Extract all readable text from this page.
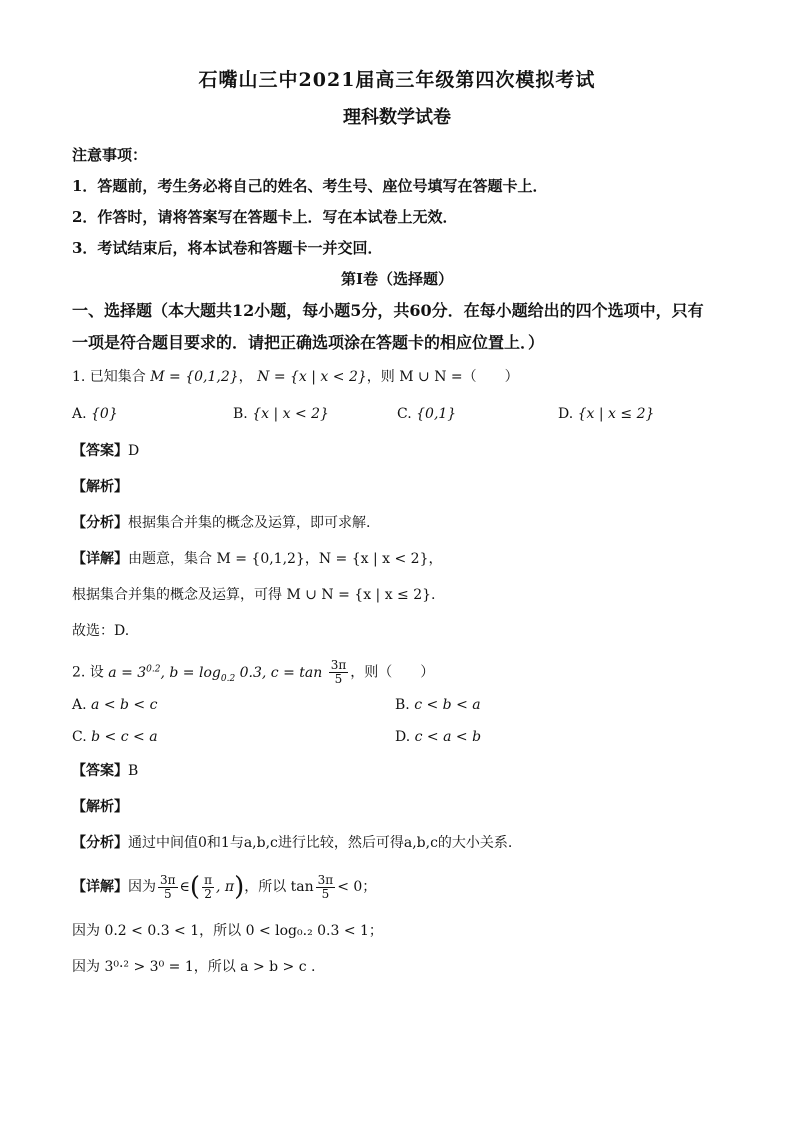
石嘴山三中2021届高三年级第四次模拟考试
理科数学试卷
注意事项：
1．答题前，考生务必将自己的姓名、考生号、座位号填写在答题卡上．
2．作答时，请将答案写在答题卡上．写在本试卷上无效．
3．考试结束后，将本试卷和答题卡一并交回．
第I卷（选择题）
一、选择题（本大题共12小题，每小题5分，共60分．在每小题给出的四个选项中，只有
一项是符合题目要求的．请把正确选项涂在答题卡的相应位置上．）
1. 已知集合 M = {0,1,2}， N = {x | x < 2}，则 M ∪ N =（　　）
A. {0}	B. {x | x < 2}	C. {0,1}	D. {x | x ≤ 2}
【答案】D
【解析】
【分析】根据集合并集的概念及运算，即可求解.
【详解】由题意，集合 M = {0,1,2}，N = {x | x < 2}，
根据集合并集的概念及运算，可得 M ∪ N = {x | x ≤ 2}.
故选：D.
2. 设 $a = 3^{0.2}$, $b = \log_{0.2} 0.3$, $c = \tan \frac{3\pi}{5}$ ，则（　　）
A. a < b < c	B. c < b < a
C. b < c < a	D. c < a < b
【答案】B
【解析】
【分析】通过中间值0和1与a,b,c进行比较，然后可得a,b,c的大小关系.
【详解】因为 $\frac{3\pi}{5}$ ∈( $\frac{\pi}{2}$ , π)，所以 $\tan \frac{3\pi}{5} < 0$；
因为 0.2 < 0.3 < 1，所以 0 < log₀.₂ 0.3 < 1；
因为 3⁰·² > 3⁰ = 1，所以 a > b > c .
